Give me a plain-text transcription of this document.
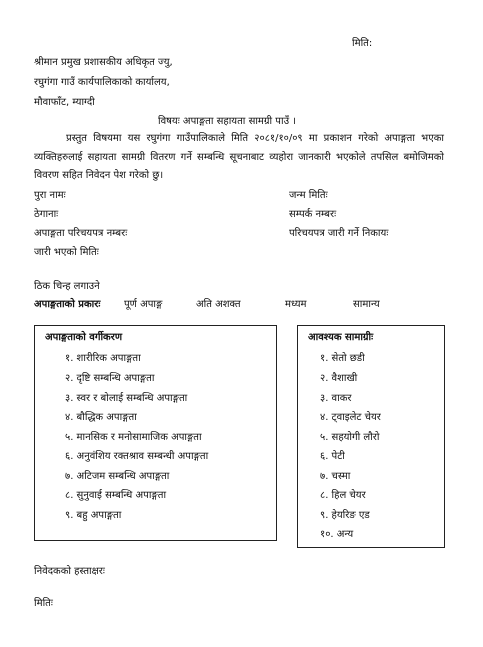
मिति:
श्रीमान प्रमुख प्रशासकीय अधिकृत ज्यु,
रघुगंगा गाउँ कार्यपालिकाको कार्यालय,
मौवाफाँट, म्याग्दी
विषयः अपाङ्गता सहायता सामग्री पाउँ ।
प्रस्तुत विषयमा यस रघुगंगा गाउँपालिकाले मिति २०८१/१०/०९ मा प्रकाशन गरेको अपाङ्गता भएका व्यक्तिहरुलाई सहायता सामग्री वितरण गर्ने सम्बन्धि सूचनाबाट व्यहोरा जानकारी भएकोले तपसिल बमोजिमको विवरण सहित निवेदन पेश गरेको छु।
पुरा नामः	जन्म मितिः
ठेगानाः	सम्पर्क नम्बरः
अपाङ्गता परिचयपत्र नम्बरः	परिचयपत्र जारी गर्ने निकायः
जारी भएको मितिः
ठिक चिन्ह लगाउने
अपाङ्गताको प्रकारः पूर्ण अपाङ्ग	अति अशक्त	मध्यम	सामान्य
अपाङ्गताको वर्गीकरण
१. शारीरिक अपाङ्गता
२. दृष्टि सम्बन्धि अपाङ्गता
३. स्वर र बोलाई सम्बन्धि अपाङ्गता
४. बौद्धिक अपाङ्गता
५. मानसिक र मनोसामाजिक अपाङ्गता
६. अनुवंशिय रक्तश्राव सम्बन्धी अपाङ्गता
७. अटिजम सम्बन्धि अपाङ्गता
८. सुनुवाई सम्बन्धि अपाङ्गता
९. बहु अपाङ्गता
आवश्यक सामाग्रीः
१. सेतो छडी
२. वैशाखी
३. वाकर
४. ट्वाइलेट चेयर
५. सहयोगी लौरो
६. पेटी
७. चस्मा
८. हिल चेयर
९. हेयरिङ एड
१०. अन्य
निवेदकको हस्ताक्षरः
मितिः
